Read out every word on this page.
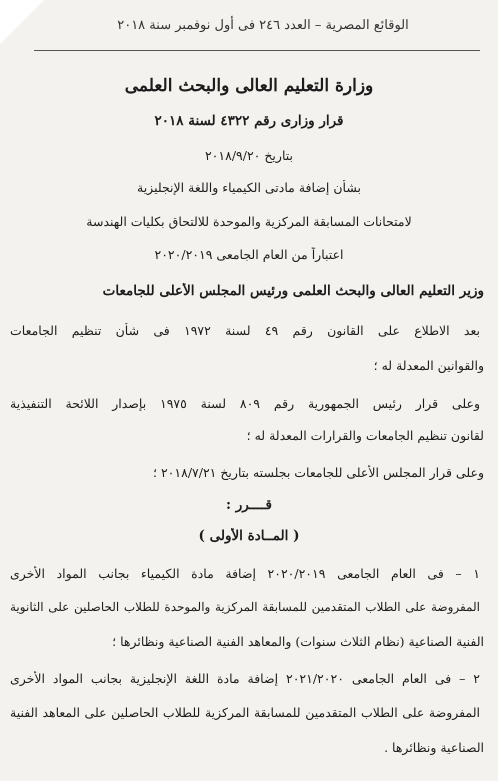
الوقائع المصرية – العدد ٢٤٦ فى أول نوفمبر سنة ٢٠١٨
وزارة التعليم العالى والبحث العلمى
قرار وزارى رقم ٤٣٢٢ لسنة ٢٠١٨
بتاريخ ٢٠١٨/٩/٢٠
بشأن إضافة مادتى الكيمياء واللغة الإنجليزية
لامتحانات المسابقة المركزية والموحدة للالتحاق بكليات الهندسة
اعتباراً من العام الجامعى ٢٠٢٠/٢٠١٩
وزير التعليم العالى والبحث العلمى ورئيس المجلس الأعلى للجامعات
بعد الاطلاع على القانون رقم ٤٩ لسنة ١٩٧٢ فى شأن تنظيم الجامعات
والقوانين المعدلة له ؛
وعلى قرار رئيس الجمهورية رقم ٨٠٩ لسنة ١٩٧٥ بإصدار اللائحة التنفيذية
لقانون تنظيم الجامعات والقرارات المعدلة له ؛
وعلى قرار المجلس الأعلى للجامعات بجلسته بتاريخ ٢٠١٨/٧/٢١ ؛
قــــرر :
( المــادة الأولى )
١ – فى العام الجامعى ٢٠٢٠/٢٠١٩ إضافة مادة الكيمياء بجانب المواد الأخرى
المفروضة على الطلاب المتقدمين للمسابقة المركزية والموحدة للطلاب الحاصلين على الثانوية
الفنية الصناعية (نظام الثلاث سنوات) والمعاهد الفنية الصناعية ونظائرها ؛
٢ – فى العام الجامعى ٢٠٢١/٢٠٢٠ إضافة مادة اللغة الإنجليزية بجانب المواد الأخرى
المفروضة على الطلاب المتقدمين للمسابقة المركزية للطلاب الحاصلين على المعاهد الفنية
الصناعية ونظائرها .
